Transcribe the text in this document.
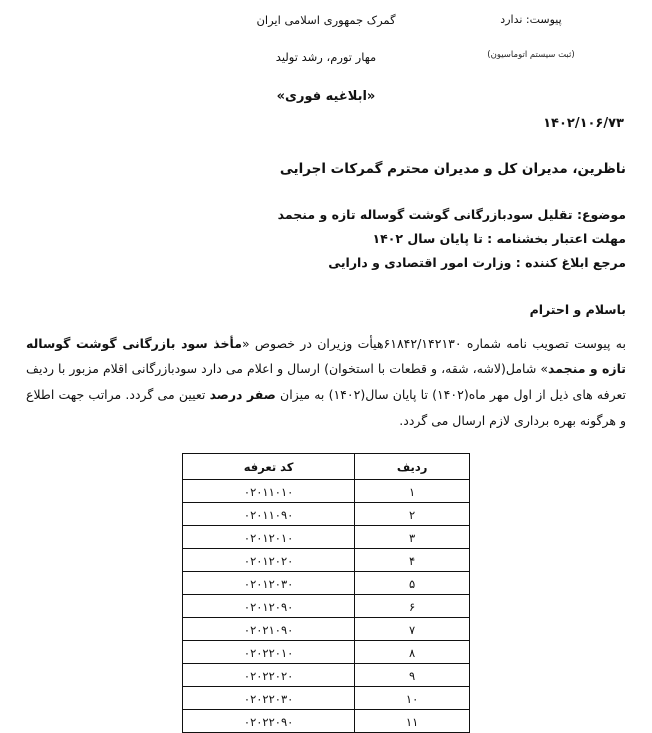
پیوست: ندارد
(ثبت سیستم اتوماسیون)
گمرک جمهوری اسلامی ایران
مهار تورم، رشد تولید
«ابلاغیه فوری»
۱۴۰۲/۱۰۶/۷۳
ناظرین، مدیران کل و مدیران محترم گمرکات اجرایی
موضوع: تقلیل سودبازرگانی گوشت گوساله تازه و منجمد
مهلت اعتبار بخشنامه : تا پایان سال ۱۴۰۲
مرجع ابلاغ کننده : وزارت امور اقتصادی و دارایی
باسلام و احترام

به پیوست تصویب نامه شماره ۶۱۸۴۲/۱۴۲۱۳۰هیأت وزیران در خصوص «مأخذ سود بازرگانی گوشت گوساله تازه و منجمد» شامل(لاشه، شقه، و قطعات با استخوان) ارسال و اعلام می دارد سودبازرگانی اقلام مزبور با ردیف تعرفه های ذیل از اول مهر ماه(۱۴۰۲) تا پایان سال(۱۴۰۲) به میزان صفر درصد تعیین می گردد. مراتب جهت اطلاع و هرگونه بهره برداری لازم ارسال می گردد.

ردیف	کد تعرفه
۱	۰۲۰۱۱۰۱۰
۲	۰۲۰۱۱۰۹۰
۳	۰۲۰۱۲۰۱۰
۴	۰۲۰۱۲۰۲۰
۵	۰۲۰۱۲۰۳۰
۶	۰۲۰۱۲۰۹۰
۷	۰۲۰۲۱۰۹۰
۸	۰۲۰۲۲۰۱۰
۹	۰۲۰۲۲۰۲۰
۱۰	۰۲۰۲۲۰۳۰
۱۱	۰۲۰۲۲۰۹۰
